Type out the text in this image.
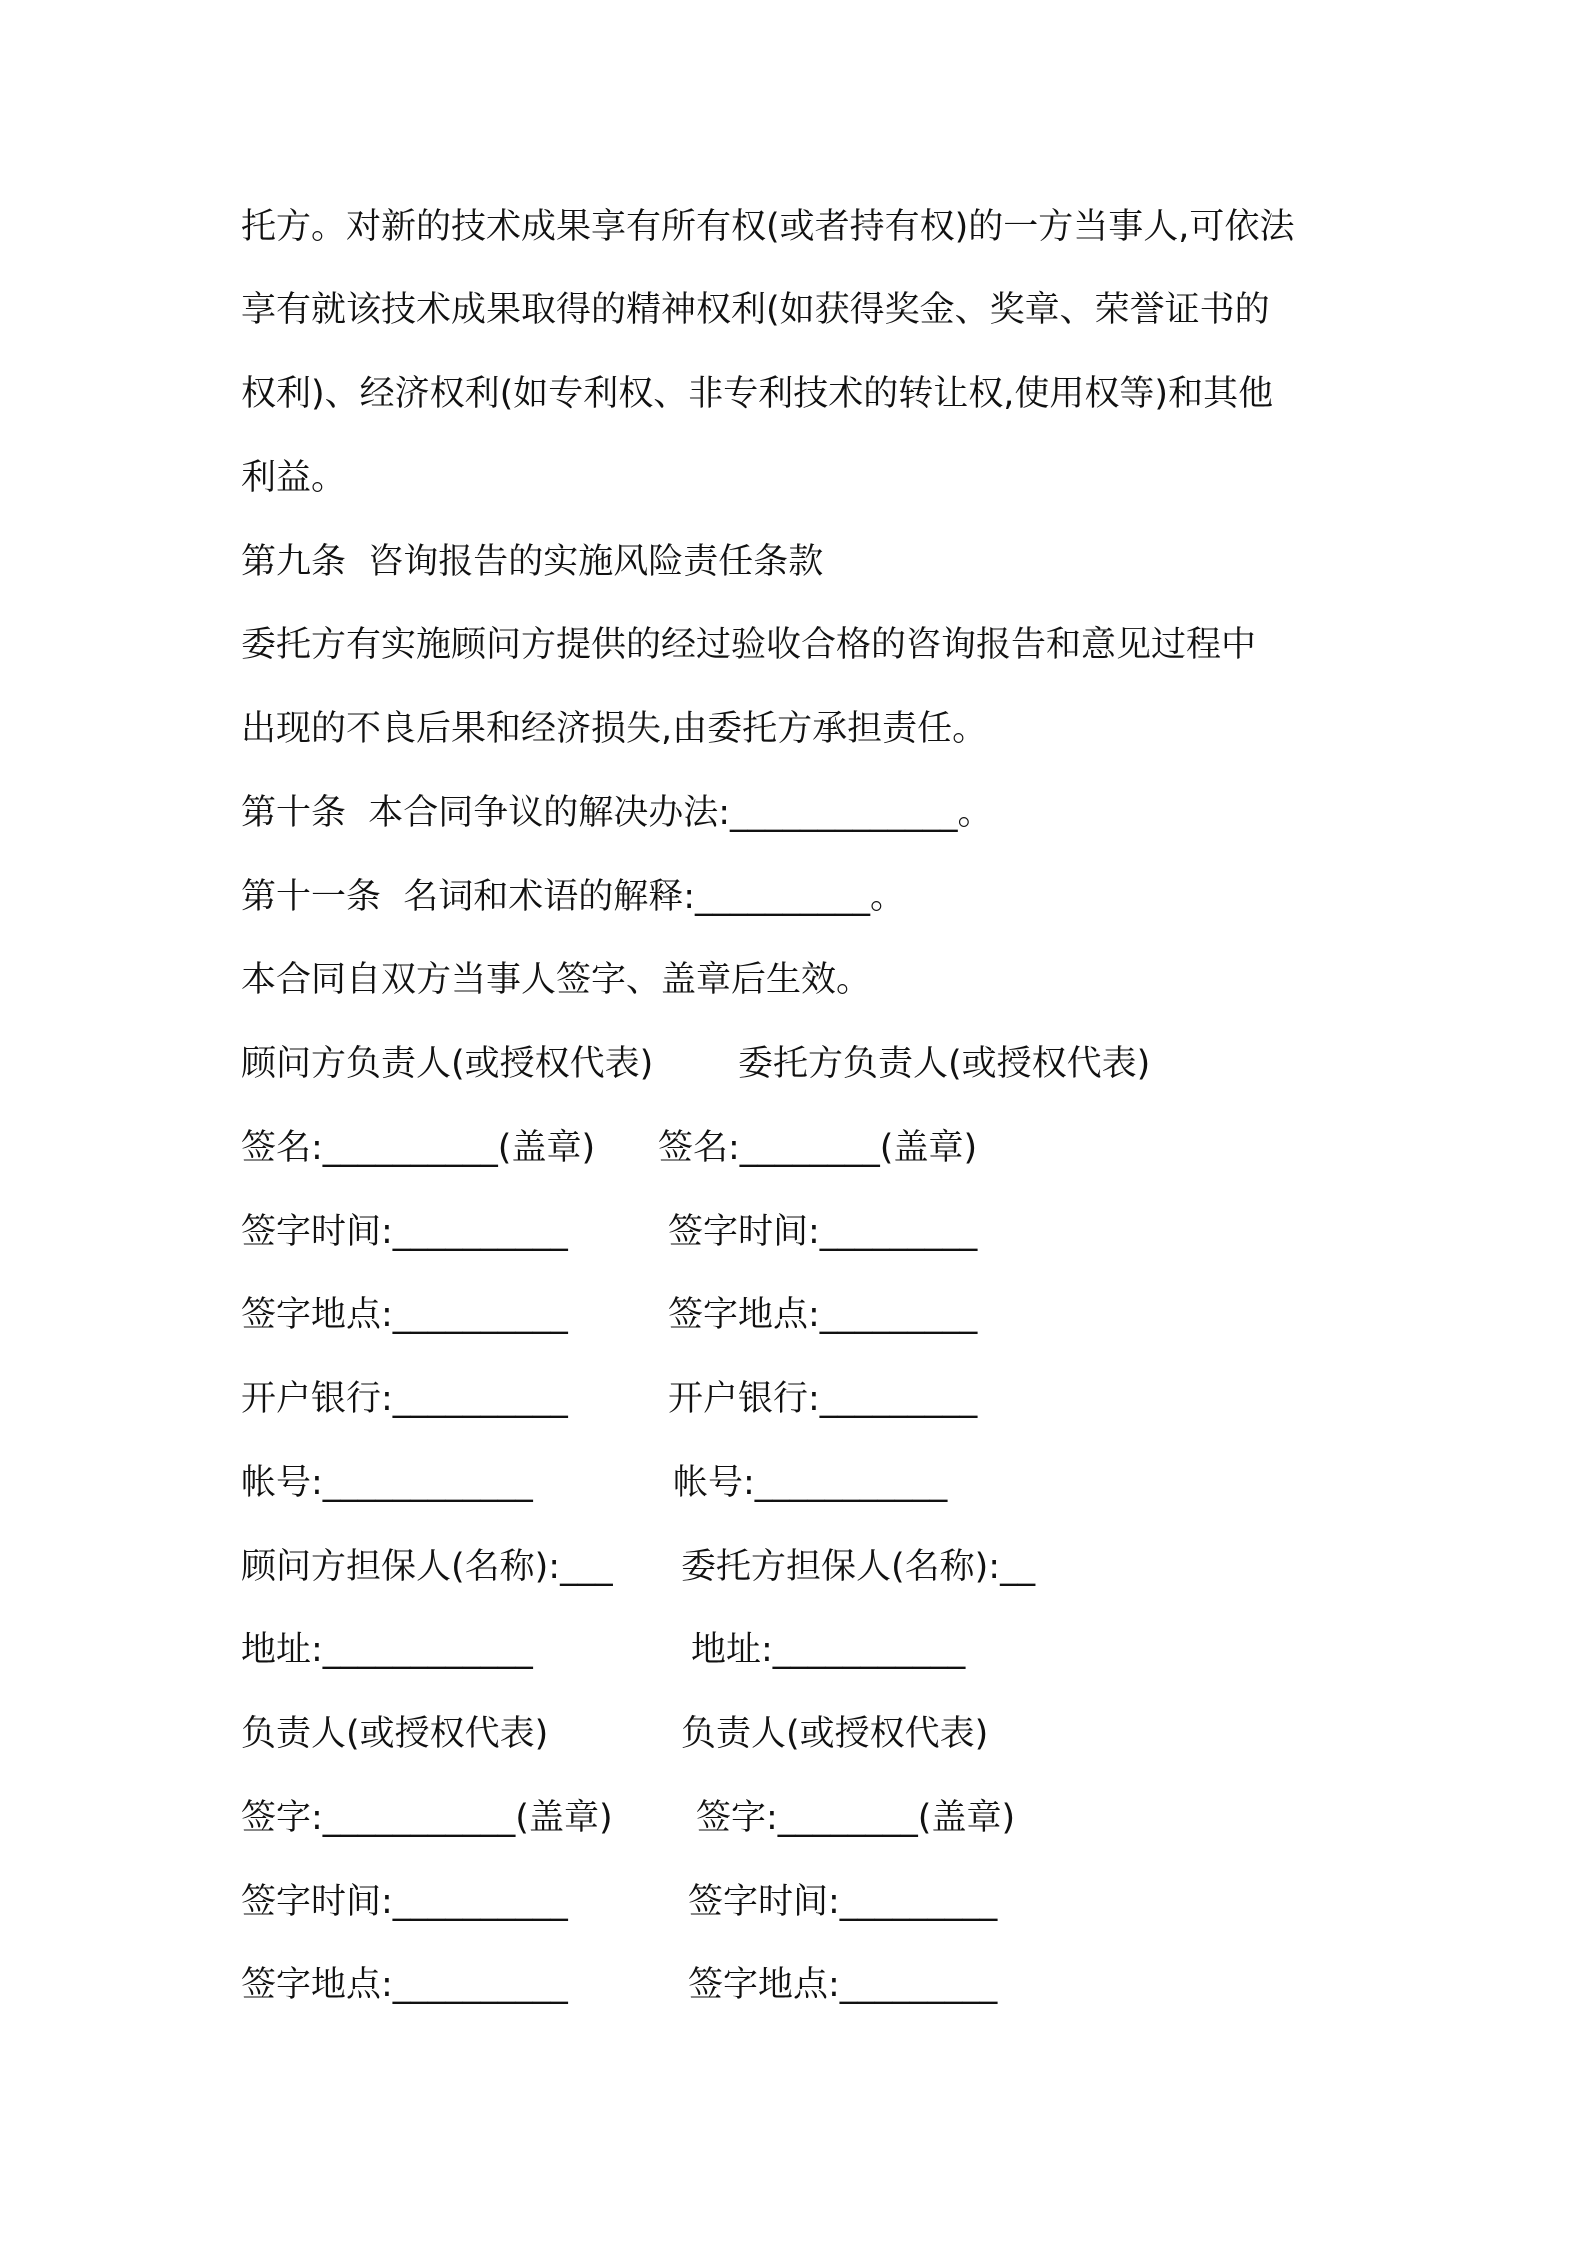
托方。对新的技术成果享有所有权(或者持有权)的一方当事人,可依法
享有就该技术成果取得的精神权利(如获得奖金、奖章、荣誉证书的
权利)、经济权利(如专利权、非专利技术的转让权,使用权等)和其他
利益。
第九条  咨询报告的实施风险责任条款
委托方有实施顾问方提供的经过验收合格的咨询报告和意见过程中
出现的不良后果和经济损失,由委托方承担责任。
第十条  本合同争议的解决办法:_____________。
第十一条  名词和术语的解释:__________。
本合同自双方当事人签字、盖章后生效。
顾问方负责人(或授权代表) 委托方负责人(或授权代表)
签名:__________(盖章) 签名:________(盖章)
签字时间:__________	签字时间:_________
签字地点:__________	签字地点:_________
开户银行:__________	开户银行:_________
帐号:____________	帐号:___________
顾问方担保人(名称):___ 委托方担保人(名称):__
地址:____________	地址:___________
负责人(或授权代表)	负责人(或授权代表)
签字:___________(盖章) 签字:________(盖章)
签字时间:__________	签字时间:_________
签字地点:__________	签字地点:_________
